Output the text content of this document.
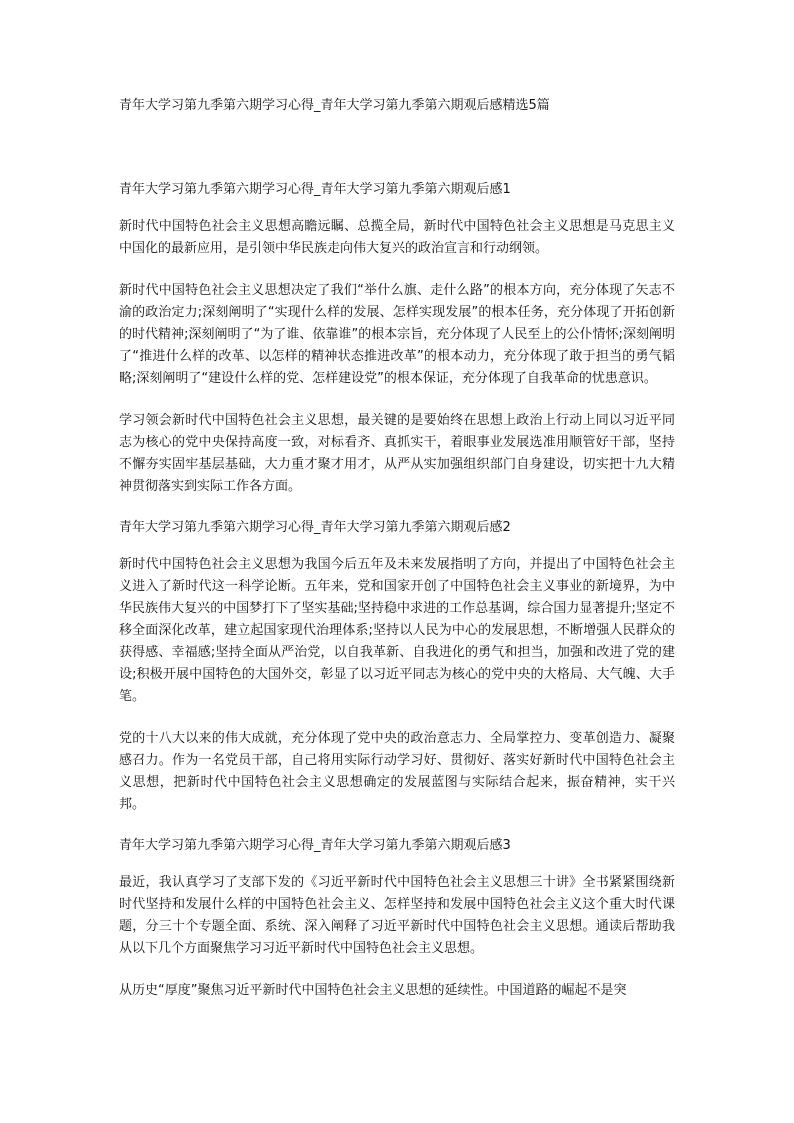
青年大学习第九季第六期学习心得_青年大学习第九季第六期观后感精选5篇
青年大学习第九季第六期学习心得_青年大学习第九季第六期观后感1

新时代中国特色社会主义思想高瞻远瞩、总揽全局，新时代中国特色社会主义思想是马克思主义中国化的最新应用，是引领中华民族走向伟大复兴的政治宣言和行动纲领。

新时代中国特色社会主义思想决定了我们“举什么旗、走什么路”的根本方向，充分体现了矢志不渝的政治定力;深刻阐明了“实现什么样的发展、怎样实现发展”的根本任务，充分体现了开拓创新的时代精神;深刻阐明了“为了谁、依靠谁”的根本宗旨，充分体现了人民至上的公仆情怀;深刻阐明了“推进什么样的改革、以怎样的精神状态推进改革”的根本动力，充分体现了敢于担当的勇气韬略;深刻阐明了“建设什么样的党、怎样建设党”的根本保证，充分体现了自我革命的忧患意识。

学习领会新时代中国特色社会主义思想，最关键的是要始终在思想上政治上行动上同以习近平同志为核心的党中央保持高度一致，对标看齐、真抓实干，着眼事业发展选准用顺管好干部，坚持不懈夯实固牢基层基础，大力重才聚才用才，从严从实加强组织部门自身建设，切实把十九大精神贯彻落实到实际工作各方面。

青年大学习第九季第六期学习心得_青年大学习第九季第六期观后感2

新时代中国特色社会主义思想为我国今后五年及未来发展指明了方向，并提出了中国特色社会主义进入了新时代这一科学论断。五年来，党和国家开创了中国特色社会主义事业的新境界，为中华民族伟大复兴的中国梦打下了坚实基础;坚持稳中求进的工作总基调，综合国力显著提升;坚定不移全面深化改革，建立起国家现代治理体系;坚持以人民为中心的发展思想，不断增强人民群众的获得感、幸福感;坚持全面从严治党，以自我革新、自我进化的勇气和担当，加强和改进了党的建设;积极开展中国特色的大国外交，彰显了以习近平同志为核心的党中央的大格局、大气魄、大手笔。

党的十八大以来的伟大成就，充分体现了党中央的政治意志力、全局掌控力、变革创造力、凝聚感召力。作为一名党员干部，自己将用实际行动学习好、贯彻好、落实好新时代中国特色社会主义思想，把新时代中国特色社会主义思想确定的发展蓝图与实际结合起来，振奋精神，实干兴邦。

青年大学习第九季第六期学习心得_青年大学习第九季第六期观后感3

最近，我认真学习了支部下发的《习近平新时代中国特色社会主义思想三十讲》全书紧紧围绕新时代坚持和发展什么样的中国特色社会主义、怎样坚持和发展中国特色社会主义这个重大时代课题，分三十个专题全面、系统、深入阐释了习近平新时代中国特色社会主义思想。通读后帮助我从以下几个方面聚焦学习习近平新时代中国特色社会主义思想。

从历史“厚度”聚焦习近平新时代中国特色社会主义思想的延续性。中国道路的崛起不是突
